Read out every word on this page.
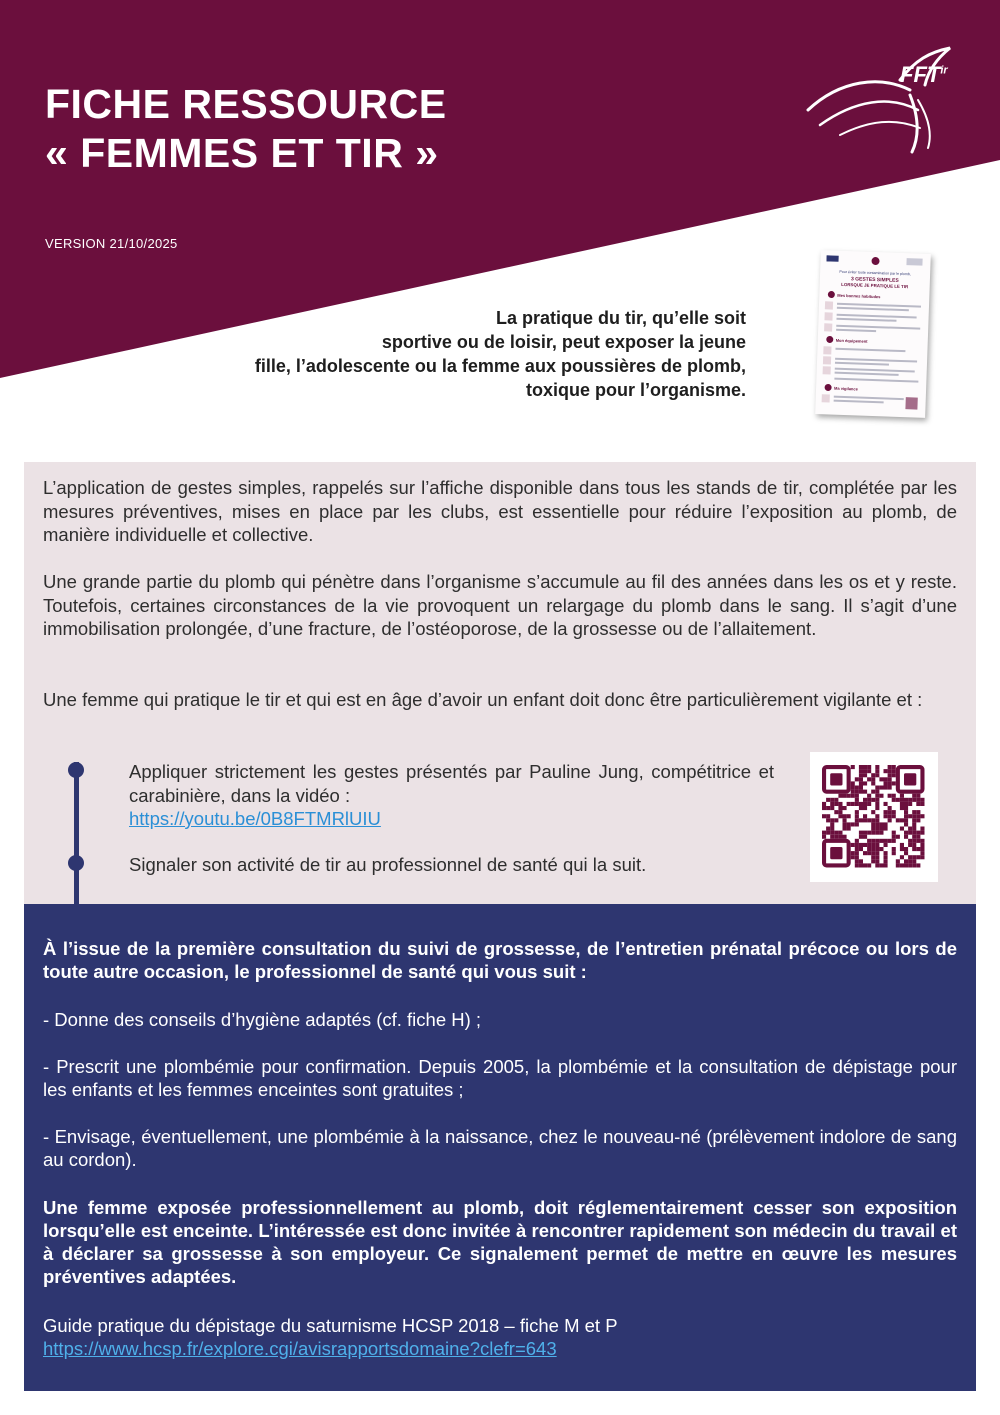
FICHE RESSOURCE
« FEMMES ET TIR »
$FFT^{ir}$
VERSION 21/10/2025
La pratique du tir, qu’elle soit
sportive ou de loisir, peut exposer la jeune
fille, l’adolescente ou la femme aux poussières de plomb,
toxique pour l’organisme.
Pour éviter toute contamination par le plomb,
3 GESTES SIMPLES
LORSQUE JE PRATIQUE LE TIR
Mes bonnes habitudes
Mon équipement
Ma vigilance

L’application de gestes simples, rappelés sur l’affiche disponible dans tous les stands de tir, complétée par les mesures préventives, mises en place par les clubs, est essentielle pour réduire l’exposition au plomb, de manière individuelle et collective.

Une grande partie du plomb qui pénètre dans l’organisme s’accumule au fil des années dans les os et y reste. Toutefois, certaines circonstances de la vie provoquent un relargage du plomb dans le sang. Il s’agit d’une immobilisation prolongée, d’une fracture, de l’ostéoporose, de la grossesse ou de l’allaitement.

Une femme qui pratique le tir et qui est en âge d’avoir un enfant doit donc être particulièrement vigilante et :

Appliquer strictement les gestes présentés par Pauline Jung, compétitrice et carabinière, dans la vidéo :
https://youtu.be/0B8FTMRlUIU
Signaler son activité de tir au professionnel de santé qui la suit.

À l’issue de la première consultation du suivi de grossesse, de l’entretien prénatal précoce ou lors de toute autre occasion, le professionnel de santé qui vous suit :

- Donne des conseils d’hygiène adaptés (cf. fiche H) ;

- Prescrit une plombémie pour confirmation. Depuis 2005, la plombémie et la consultation de dépistage pour les enfants et les femmes enceintes sont gratuites ;

- Envisage, éventuellement, une plombémie à la naissance, chez le nouveau-né (prélèvement indolore de sang au cordon).

Une femme exposée professionnellement au plomb, doit réglementairement cesser son exposition lorsqu’elle est enceinte. L’intéressée est donc invitée à rencontrer rapidement son médecin du travail et à déclarer sa grossesse à son employeur. Ce signalement permet de mettre en œuvre les mesures préventives adaptées.

Guide pratique du dépistage du saturnisme HCSP 2018 – fiche M et P
https://www.hcsp.fr/explore.cgi/avisrapportsdomaine?clefr=643
